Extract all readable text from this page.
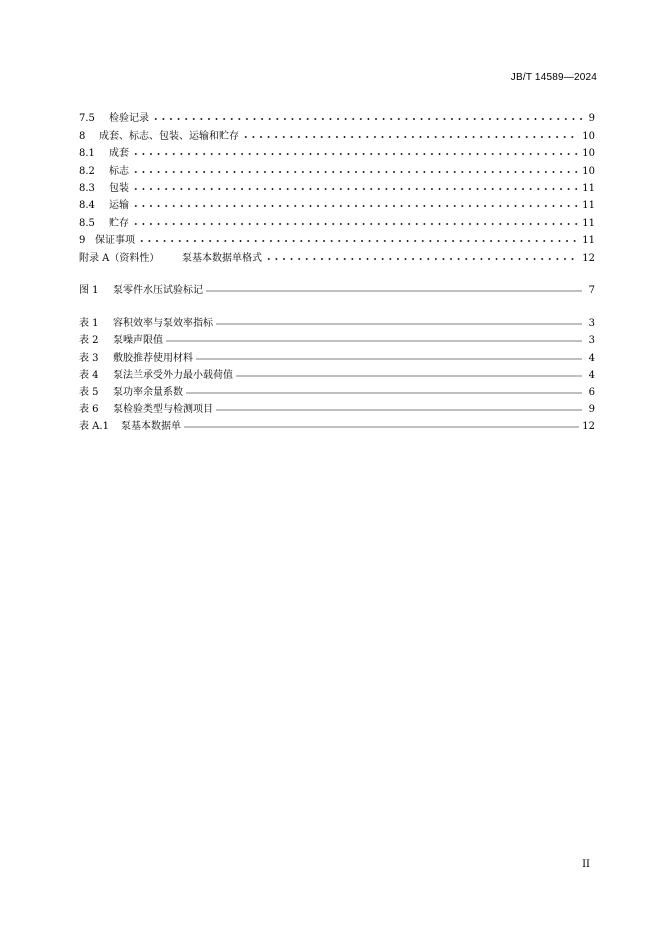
JB/T 14589—2024
7.5	检验记录	9
8	成套、标志、包装、运输和贮存	10
8.1	成套	10
8.2	标志	10
8.3	包装	11
8.4	运输	11
8.5	贮存	11
9 保证事项	11
附录 A（资料性）	泵基本数据单格式	12
图 1	泵零件水压试验标记	7
表 1	容积效率与泵效率指标	3
表 2	泵噪声限值	3
表 3	敷胶推荐使用材料	4
表 4	泵法兰承受外力最小载荷值	4
表 5	泵功率余量系数	6
表 6	泵检验类型与检测项目	9
表 A.1	泵基本数据单	12
II
